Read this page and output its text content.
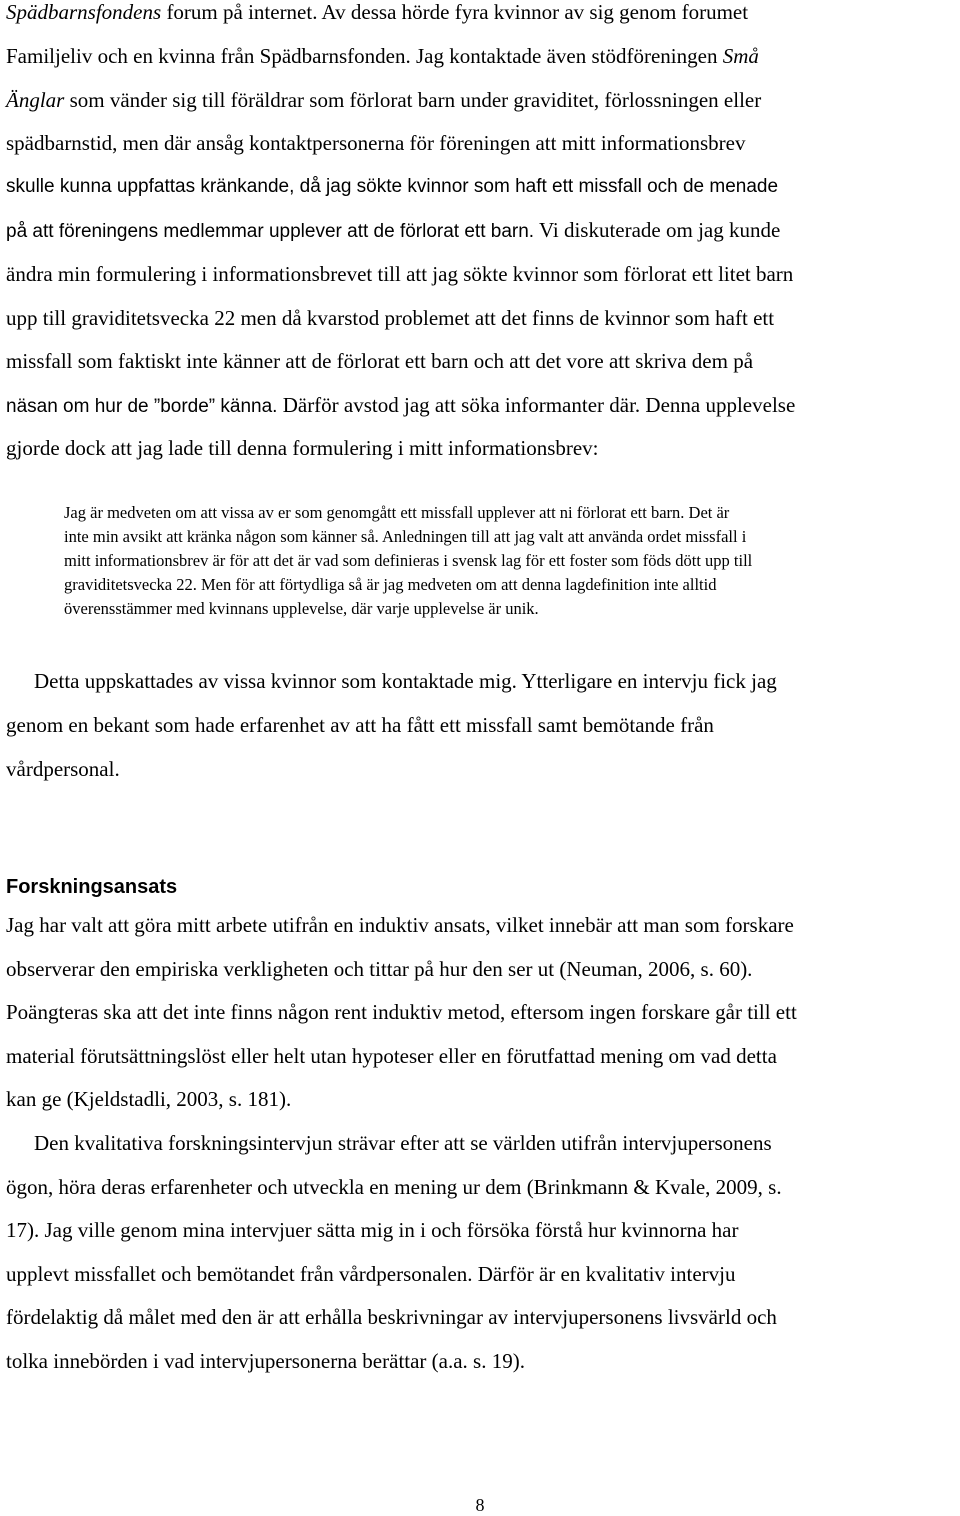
Spädbarnsfondens forum på internet. Av dessa hörde fyra kvinnor av sig genom forumet
Familjeliv och en kvinna från Spädbarnsfonden. Jag kontaktade även stödföreningen Små
Änglar som vänder sig till föräldrar som förlorat barn under graviditet, förlossningen eller
spädbarnstid, men där ansåg kontaktpersonerna för föreningen att mitt informationsbrev
skulle kunna uppfattas kränkande, då jag sökte kvinnor som haft ett missfall och de menade
på att föreningens medlemmar upplever att de förlorat ett barn. Vi diskuterade om jag kunde
ändra min formulering i informationsbrevet till att jag sökte kvinnor som förlorat ett litet barn
upp till graviditetsvecka 22 men då kvarstod problemet att det finns de kvinnor som haft ett
missfall som faktiskt inte känner att de förlorat ett barn och att det vore att skriva dem på
näsan om hur de ”borde” känna. Därför avstod jag att söka informanter där. Denna upplevelse
gjorde dock att jag lade till denna formulering i mitt informationsbrev:
Jag är medveten om att vissa av er som genomgått ett missfall upplever att ni förlorat ett barn. Det är
inte min avsikt att kränka någon som känner så. Anledningen till att jag valt att använda ordet missfall i
mitt informationsbrev är för att det är vad som definieras i svensk lag för ett foster som föds dött upp till
graviditetsvecka 22. Men för att förtydliga så är jag medveten om att denna lagdefinition inte alltid
överensstämmer med kvinnans upplevelse, där varje upplevelse är unik.
Detta uppskattades av vissa kvinnor som kontaktade mig. Ytterligare en intervju fick jag
genom en bekant som hade erfarenhet av att ha fått ett missfall samt bemötande från
vårdpersonal.
Forskningsansats
Jag har valt att göra mitt arbete utifrån en induktiv ansats, vilket innebär att man som forskare
observerar den empiriska verkligheten och tittar på hur den ser ut (Neuman, 2006, s. 60).
Poängteras ska att det inte finns någon rent induktiv metod, eftersom ingen forskare går till ett
material förutsättningslöst eller helt utan hypoteser eller en förutfattad mening om vad detta
kan ge (Kjeldstadli, 2003, s. 181).
Den kvalitativa forskningsintervjun strävar efter att se världen utifrån intervjupersonens
ögon, höra deras erfarenheter och utveckla en mening ur dem (Brinkmann & Kvale, 2009, s.
17). Jag ville genom mina intervjuer sätta mig in i och försöka förstå hur kvinnorna har
upplevt missfallet och bemötandet från vårdpersonalen. Därför är en kvalitativ intervju
fördelaktig då målet med den är att erhålla beskrivningar av intervjupersonens livsvärld och
tolka innebörden i vad intervjupersonerna berättar (a.a. s. 19).
8
